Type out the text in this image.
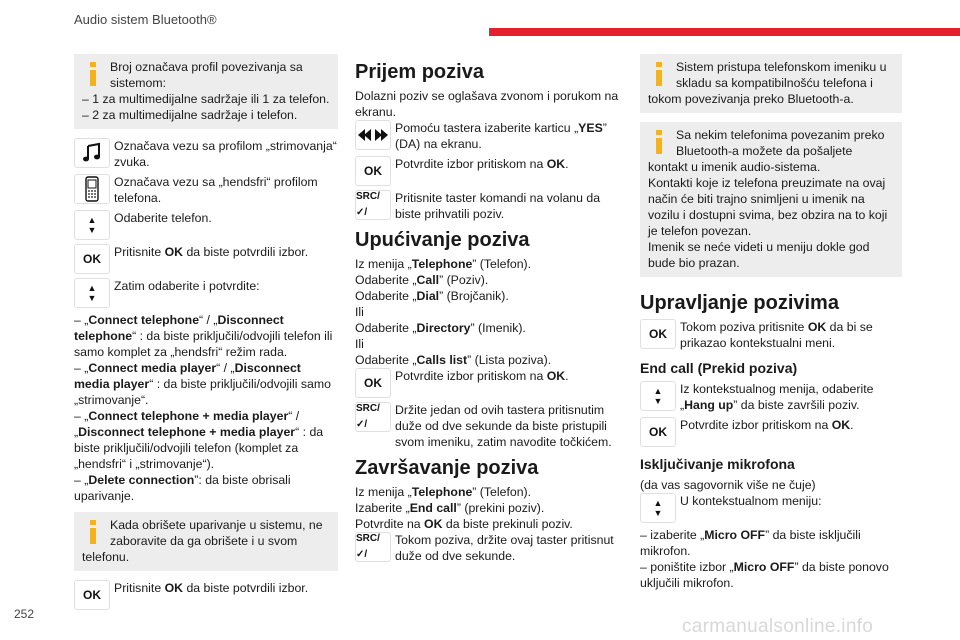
Audio sistem Bluetooth®

Broj označava profil povezivanja sa sistemom:

– 1 za multimedijalne sadržaje ili 1 za telefon.

– 2 za multimedijalne sadržaje i telefon.

Označava vezu sa profilom „strimovanja“ zvuka.
Označava vezu sa „hendsfri“ profilom telefona.
▲
▼
Odaberite telefon.
OK	Pritisnite OK da biste potvrdili izbor.
▲
▼
Zatim odaberite i potvrdite:

– „Connect telephone“ / „Disconnect telephone“ : da biste priključili/odvojili telefon ili samo komplet za „hendsfri“ režim rada.

– „Connect media player“ / „Disconnect media player“ : da biste priključili/odvojili samo „strimovanje“.

– „Connect telephone + media player“ / „Disconnect telephone + media player“ : da biste priključili/odvojili telefon (komplet za „hendsfri“ i „strimovanje“).

– „Delete connection”: da biste obrisali uparivanje.

Kada obrišete uparivanje u sistemu, ne zaboravite da ga obrišete i u svom telefonu.

OK	Pritisnite OK da biste potvrdili izbor.
Prijem poziva

Dolazni poziv se oglašava zvonom i porukom na ekranu.

Pomoću tastera izaberite karticu „YES” (DA) na ekranu.
OK	Potvrdite izbor pritiskom na OK.
SRC/✓/
Pritisnite taster komandi na volanu da biste prihvatili poziv.
Upućivanje poziva

Iz menija „Telephone” (Telefon).

Odaberite „Call” (Poziv).

Odaberite „Dial” (Brojčanik).

Ili

Odaberite „Directory” (Imenik).

Ili

Odaberite „Calls list” (Lista poziva).

OK	Potvrdite izbor pritiskom na OK.
SRC/✓/
Držite jedan od ovih tastera pritisnutim duže od dve sekunde da biste pristupili svom imeniku, zatim navodite točkićem.
Završavanje poziva

Iz menija „Telephone” (Telefon).

Izaberite „End call” (prekini poziv).

Potvrdite na OK da biste prekinuli poziv.

SRC/✓/
Tokom poziva, držite ovaj taster pritisnut duže od dve sekunde.

Sistem pristupa telefonskom imeniku u skladu sa kompatibilnošću telefona i tokom povezivanja preko Bluetooth-a.

Sa nekim telefonima povezanim preko Bluetooth-a možete da pošaljete kontakt u imenik audio-sistema.

Kontakti koje iz telefona preuzimate na ovaj način će biti trajno snimljeni u imenik na vozilu i dostupni svima, bez obzira na to koji je telefon povezan.

Imenik se neće videti u meniju dokle god bude bio prazan.

Upravljanje pozivima
OK	Tokom poziva pritisnite OK da bi se prikazao kontekstualni meni.
End call (Prekid poziva)
▲
▼
Iz kontekstualnog menija, odaberite „Hang up” da biste završili poziv.
OK	Potvrdite izbor pritiskom na OK.
Isključivanje mikrofona

(da vas sagovornik više ne čuje)

▲
▼
U kontekstualnom meniju:

– izaberite „Micro OFF” da biste isključili mikrofon.

– poništite izbor „Micro OFF” da biste ponovo uključili mikrofon.

252
carmanualsonline.info
